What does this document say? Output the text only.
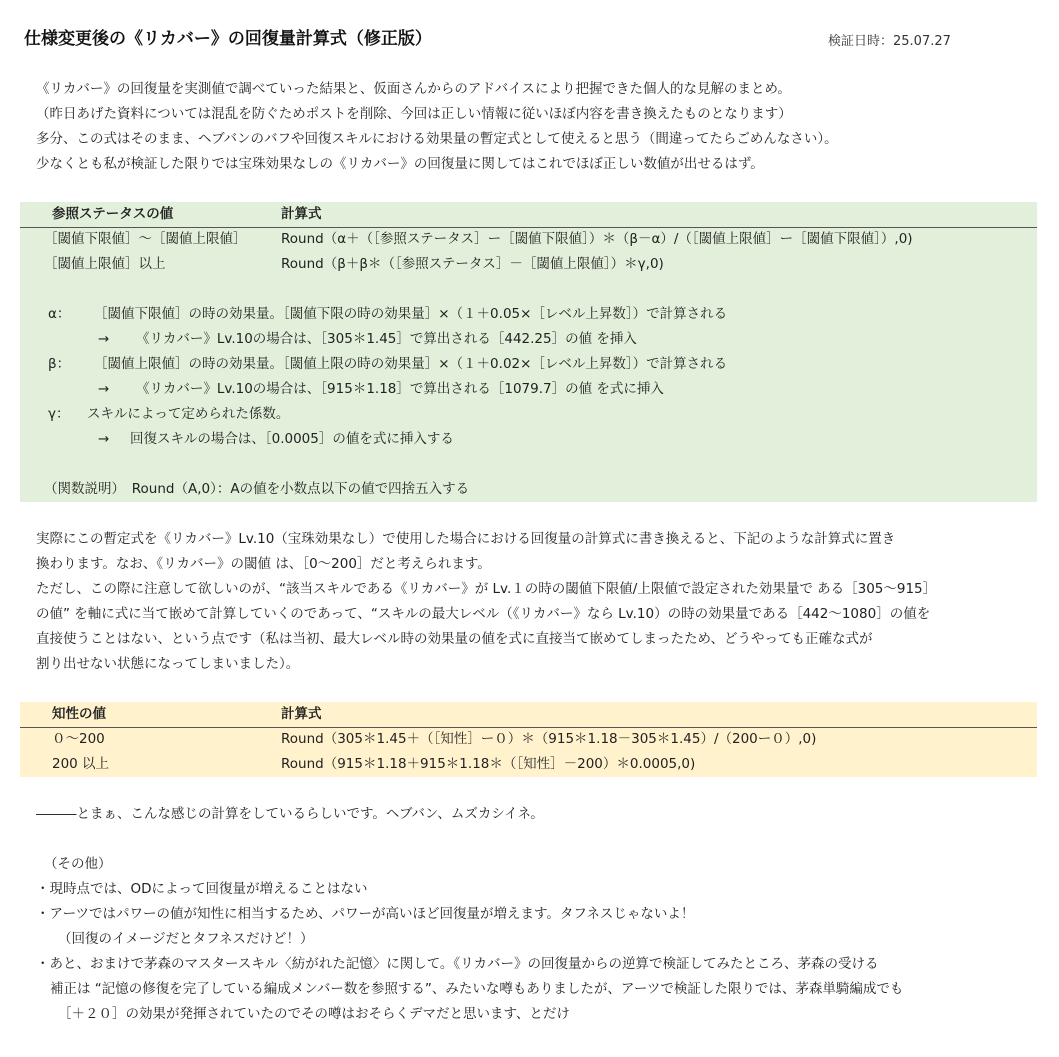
仕様変更後の《リカバー》の回復量計算式（修正版）	検証日時：25.07.27
《リカバー》の回復量を実測値で調べていった結果と、仮面さんからのアドバイスにより把握できた個人的な見解のまとめ。
（昨日あげた資料については混乱を防ぐためポストを削除、今回は正しい情報に従いほぼ内容を書き換えたものとなります）
多分、この式はそのまま、ヘブバンのバフや回復スキルにおける効果量の暫定式として使えると思う（間違ってたらごめんなさい）。
少なくとも私が検証した限りでは宝珠効果なしの《リカバー》の回復量に関してはこれでほぼ正しい数値が出せるはず。
参照ステータスの値	計算式
［閾値下限値］～［閾値上限値］	Round（α＋（［参照ステータス］ー［閾値下限値］）＊（β－α）/（［閾値上限値］ー［閾値下限値］）,0)
［閾値上限値］以上	Round（β＋β＊（［参照ステータス］－［閾値上限値］）＊γ,0)
α： ［閾値下限値］の時の効果量。［閾値下限の時の効果量］×（１＋0.05×［レベル上昇数］）で計算される
→ 《リカバー》Lv.10の場合は、［305＊1.45］で算出される［442.25］の値 を挿入
β： ［閾値上限値］の時の効果量。［閾値上限の時の効果量］×（１＋0.02×［レベル上昇数］）で計算される
→ 《リカバー》Lv.10の場合は、［915＊1.18］で算出される［1079.7］の値 を式に挿入
γ： スキルによって定められた係数。
→ 回復スキルの場合は、［0.0005］の値を式に挿入する
（関数説明）　Round（A,0）：Aの値を小数点以下の値で四捨五入する
実際にこの暫定式を《リカバー》Lv.10（宝珠効果なし）で使用した場合における回復量の計算式に書き換えると、下記のような計算式に置き
換わります。なお、《リカバー》の閾値 は、［0～200］だと考えられます。
ただし、この際に注意して欲しいのが、“該当スキルである《リカバー》が Lv.１の時の閾値下限値/上限値で設定された効果量で ある［305～915］
の値” を軸に式に当て嵌めて計算していくのであって、“スキルの最大レベル（《リカバー》なら Lv.10）の時の効果量である［442～1080］の値を
直接使うことはない、という点です（私は当初、最大レベル時の効果量の値を式に直接当て嵌めてしまったため、どうやっても正確な式が
割り出せない状態になってしまいました）。
知性の値	計算式
０～200	Round（305＊1.45＋（［知性］ー０）＊（915＊1.18－305＊1.45）/（200ー０）,0)
200 以上	Round（915＊1.18＋915＊1.18＊（［知性］－200）＊0.0005,0)
―――とまぁ、こんな感じの計算をしているらしいです。ヘブバン、ムズカシイネ。
（その他）
・現時点では、ODによって回復量が増えることはない
・アーツではパワーの値が知性に相当するため、パワーが高いほど回復量が増えます。タフネスじゃないよ！
（回復のイメージだとタフネスだけど！）
・あと、おまけで茅森のマスタースキル〈紡がれた記憶〉に関して。《リカバー》の回復量からの逆算で検証してみたところ、茅森の受ける
補正は “記憶の修復を完了している編成メンバー数を参照する”、みたいな噂もありましたが、アーツで検証した限りでは、茅森単騎編成でも
［＋２０］の効果が発揮されていたのでその噂はおそらくデマだと思います、とだけ
